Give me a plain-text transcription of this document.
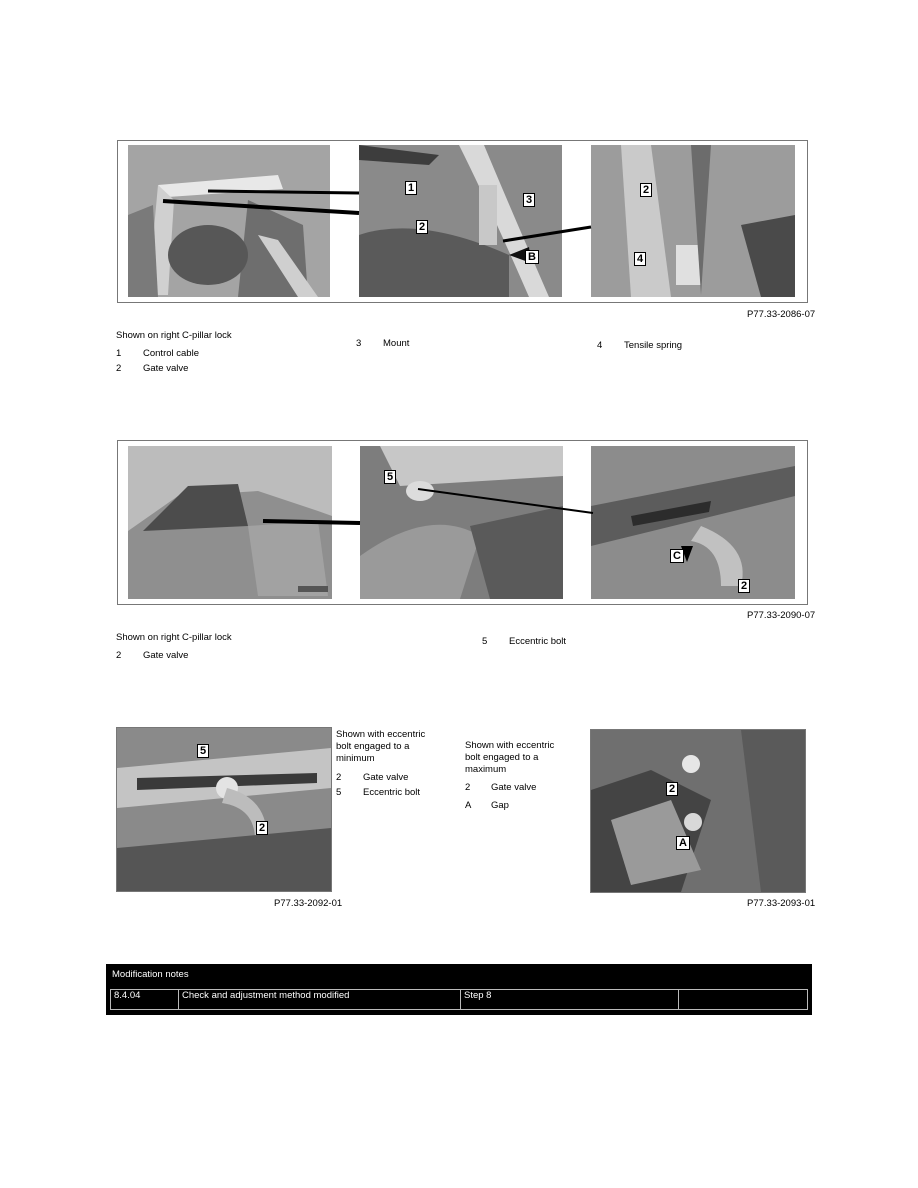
1
2
3
B
2
4
P77.33-2086-07
Shown on right C-pillar lock
1	Control cable
2	Gate valve
3	Mount	4	Tensile spring
5
C
2
P77.33-2090-07
Shown on right C-pillar lock
2	Gate valve
5	Eccentric bolt
5
2
P77.33-2092-01
Shown with eccentric bolt engaged to a minimum
2	Gate valve
5	Eccentric bolt
Shown with eccentric bolt engaged to a maximum
2	Gate valve
A	Gap
2
A
P77.33-2093-01
Modification notes
8.4.04	Check and adjustment method modified	Step 8
